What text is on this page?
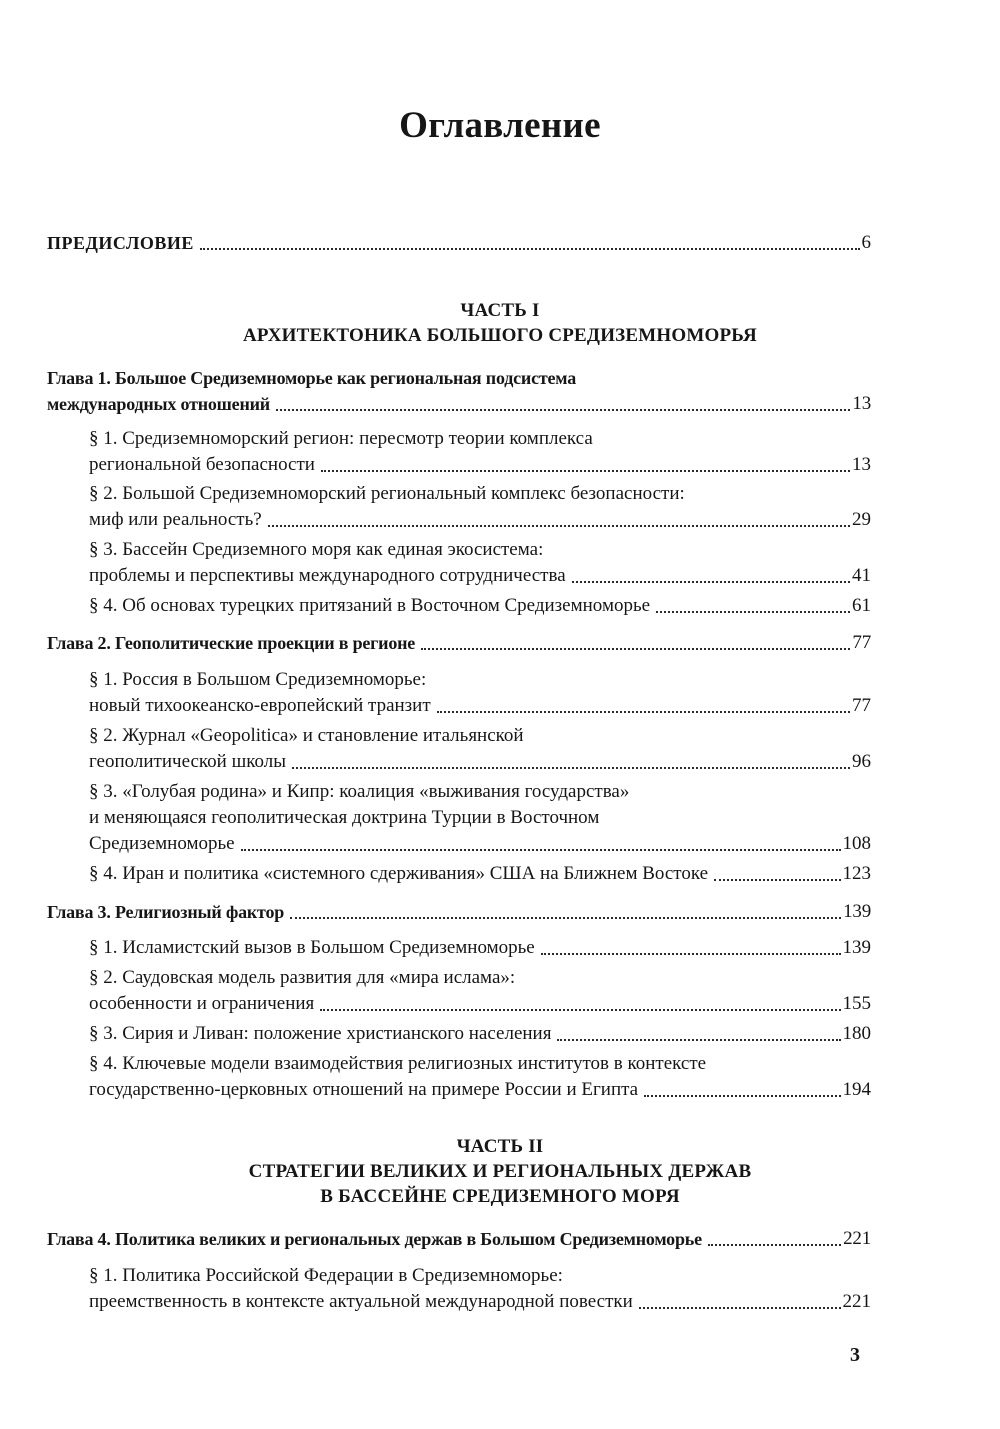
Оглавление
ПРЕДИСЛОВИЕ	6
ЧАСТЬ I
АРХИТЕКТОНИКА БОЛЬШОГО СРЕДИЗЕМНОМОРЬЯ
Глава 1. Большое Средиземноморье как региональная подсистема
международных отношений	13
§ 1. Средиземноморский регион: пересмотр теории комплекса
региональной безопасности	13
§ 2. Большой Средиземноморский региональный комплекс безопасности:
миф или реальность?	29
§ 3. Бассейн Средиземного моря как единая экосистема:
проблемы и перспективы международного сотрудничества	41
§ 4. Об основах турецких притязаний в Восточном Средиземноморье	61
Глава 2. Геополитические проекции в регионе	77
§ 1. Россия в Большом Средиземноморье:
новый тихоокеанско-европейский транзит	77
§ 2. Журнал «Geopolitica» и становление итальянской
геополитической школы	96
§ 3. «Голубая родина» и Кипр: коалиция «выживания государства»
и меняющаяся геополитическая доктрина Турции в Восточном
Средиземноморье	108
§ 4. Иран и политика «системного сдерживания» США на Ближнем Востоке	123
Глава 3. Религиозный фактор	139
§ 1. Исламистский вызов в Большом Средиземноморье	139
§ 2. Саудовская модель развития для «мира ислама»:
особенности и ограничения	155
§ 3. Сирия и Ливан: положение христианского населения	180
§ 4. Ключевые модели взаимодействия религиозных институтов в контексте
государственно-церковных отношений на примере России и Египта	194
ЧАСТЬ II
СТРАТЕГИИ ВЕЛИКИХ И РЕГИОНАЛЬНЫХ ДЕРЖАВ
В БАССЕЙНЕ СРЕДИЗЕМНОГО МОРЯ
Глава 4. Политика великих и региональных держав в Большом Средиземноморье	221
§ 1. Политика Российской Федерации в Средиземноморье:
преемственность в контексте актуальной международной повестки	221
3
